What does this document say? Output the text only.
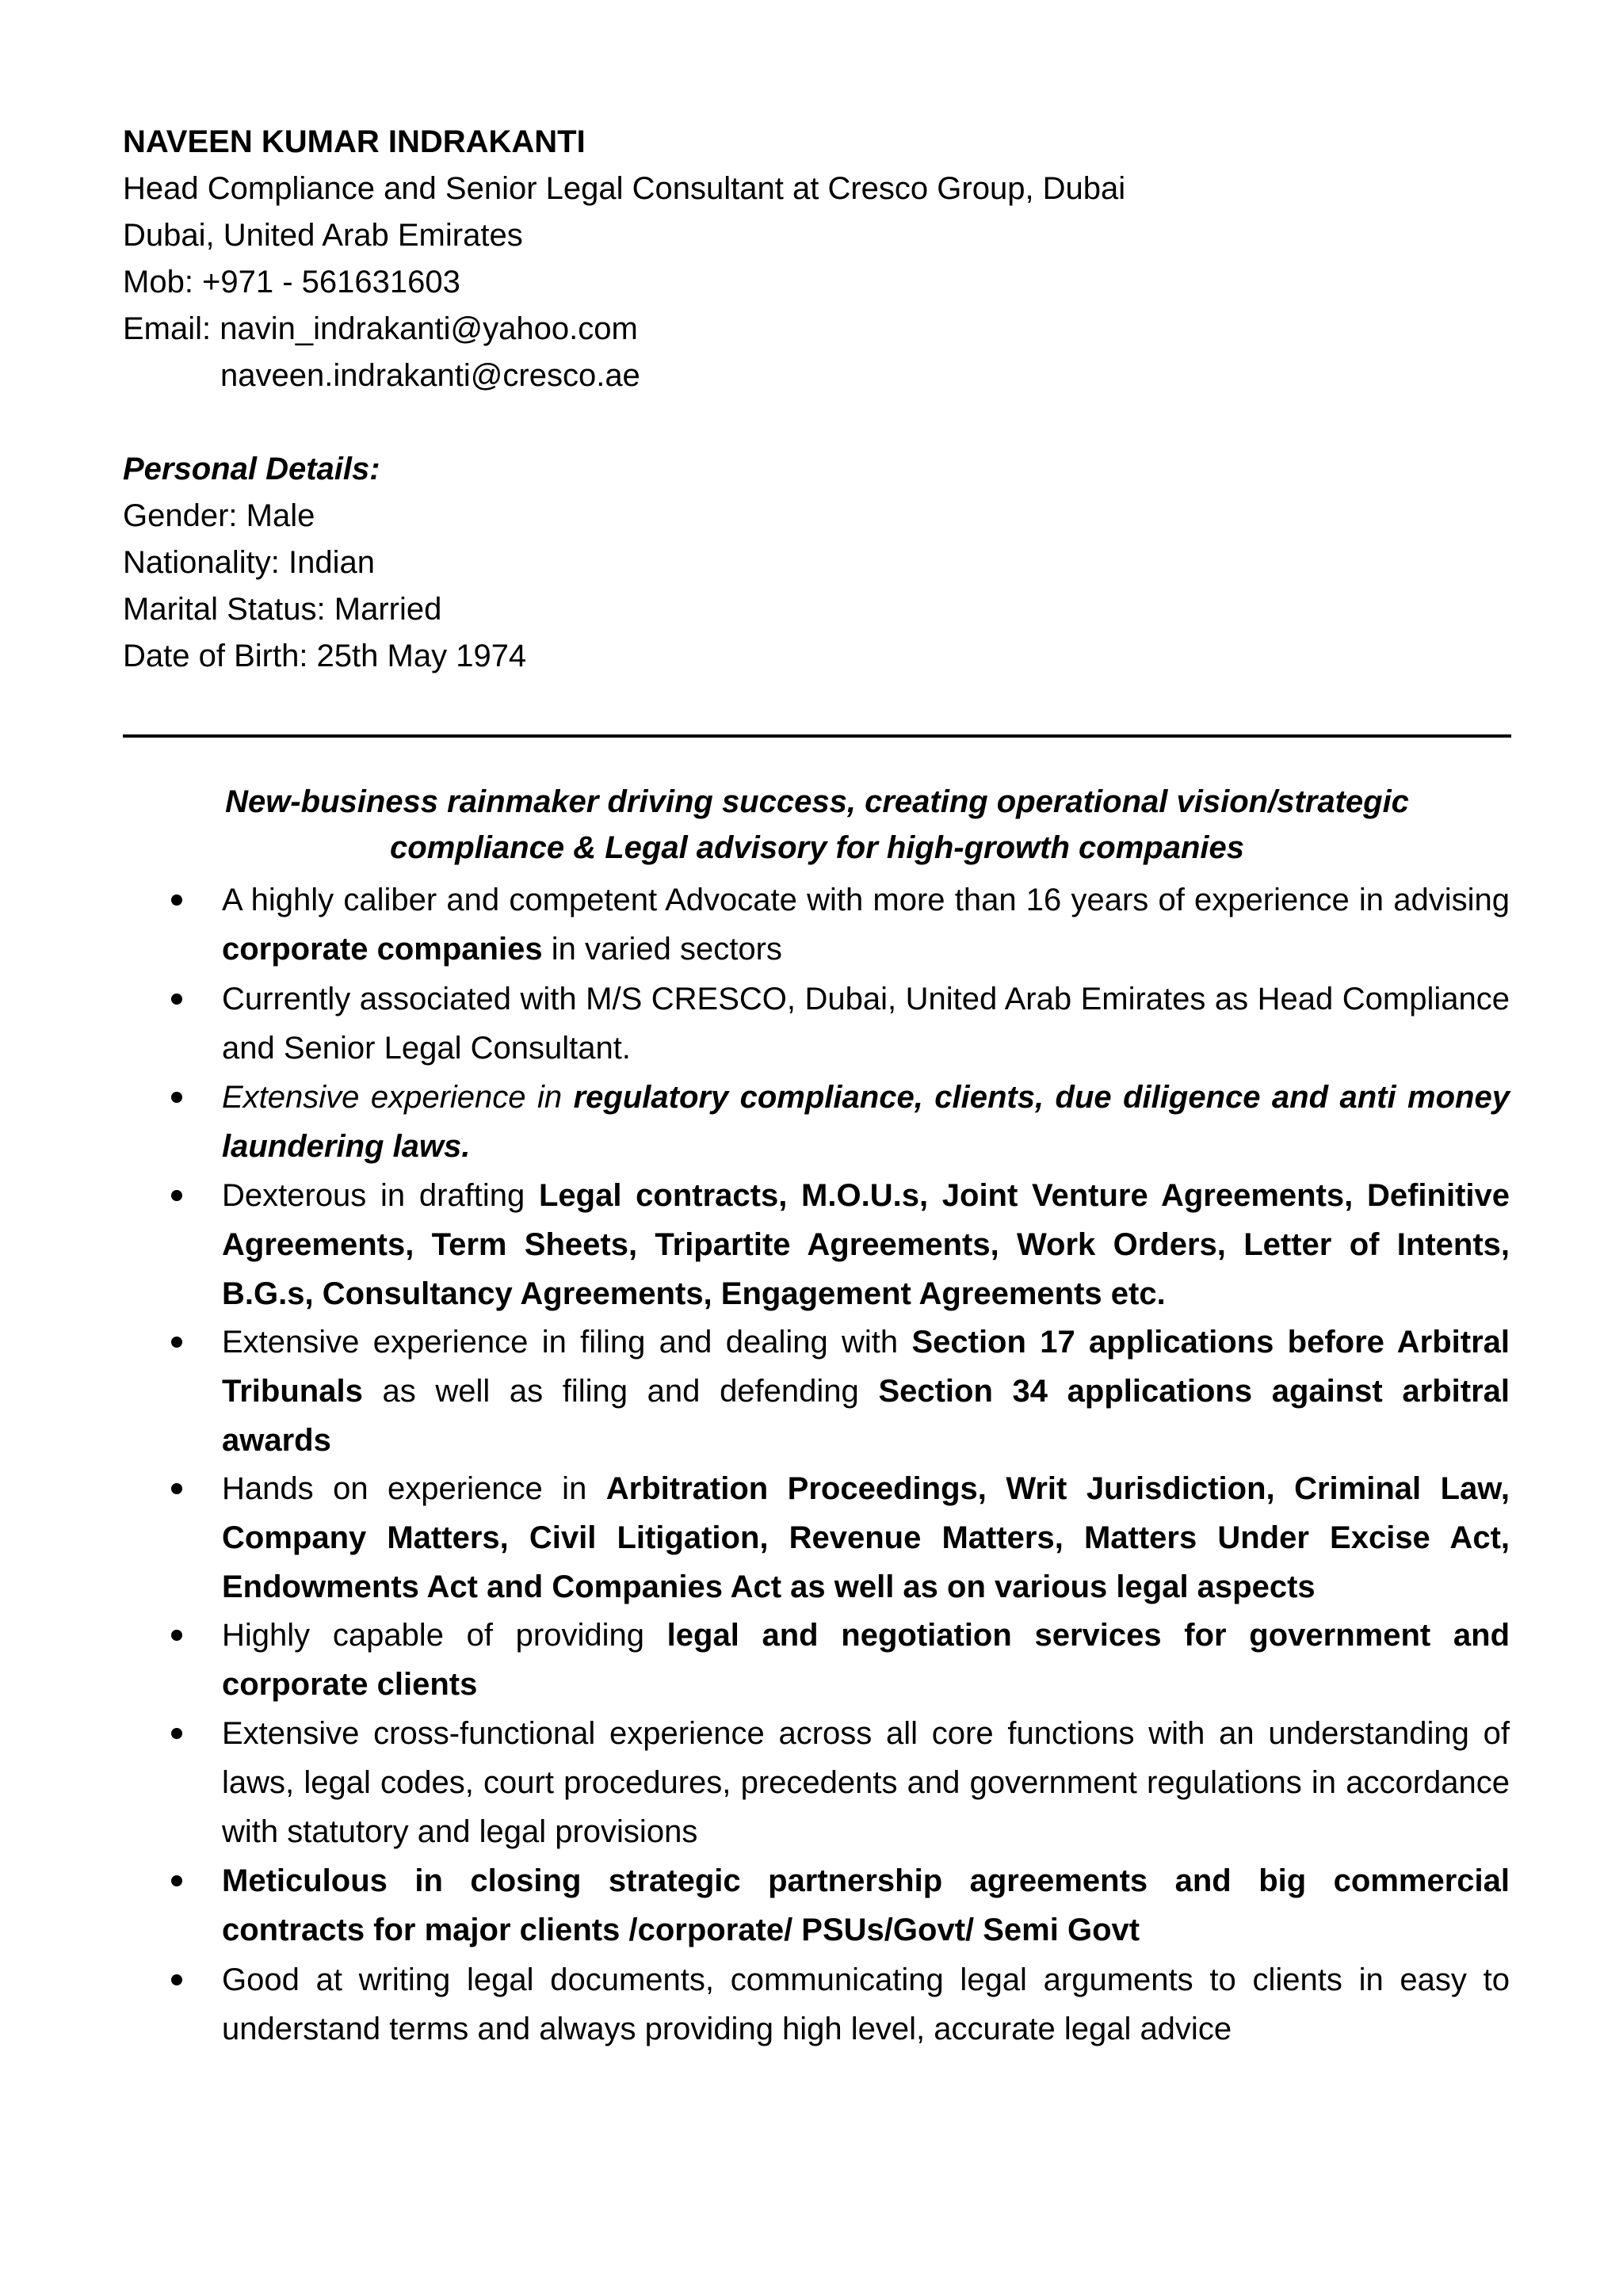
NAVEEN KUMAR INDRAKANTI
Head Compliance and Senior Legal Consultant at Cresco Group, Dubai
Dubai, United Arab Emirates
Mob: +971 - 561631603
Email: navin_indrakanti@yahoo.com
naveen.indrakanti@cresco.ae
Personal Details:
Gender: Male
Nationality: Indian
Marital Status: Married
Date of Birth: 25th May 1974
New-business rainmaker driving success, creating operational vision/strategic
compliance & Legal advisory for high-growth companies
A highly caliber and competent Advocate with more than 16 years of experience in advising corporate companies in varied sectors
Currently associated with M/S CRESCO, Dubai, United Arab Emirates as Head Compliance and Senior Legal Consultant.
Extensive experience in regulatory compliance, clients, due diligence and anti money laundering laws.
Dexterous in drafting Legal contracts, M.O.U.s, Joint Venture Agreements, Definitive Agreements, Term Sheets, Tripartite Agreements, Work Orders, Letter of Intents, B.G.s, Consultancy Agreements, Engagement Agreements etc.
Extensive experience in filing and dealing with Section 17 applications before Arbitral Tribunals as well as filing and defending Section 34 applications against arbitral awards
Hands on experience in Arbitration Proceedings, Writ Jurisdiction, Criminal Law, Company Matters, Civil Litigation, Revenue Matters, Matters Under Excise Act, Endowments Act and Companies Act as well as on various legal aspects
Highly capable of providing legal and negotiation services for government and corporate clients
Extensive cross-functional experience across all core functions with an understanding of laws, legal codes, court procedures, precedents and government regulations in accordance with statutory and legal provisions
Meticulous in closing strategic partnership agreements and big commercial contracts for major clients /corporate/ PSUs/Govt/ Semi Govt
Good at writing legal documents, communicating legal arguments to clients in easy to understand terms and always providing high level, accurate legal advice
